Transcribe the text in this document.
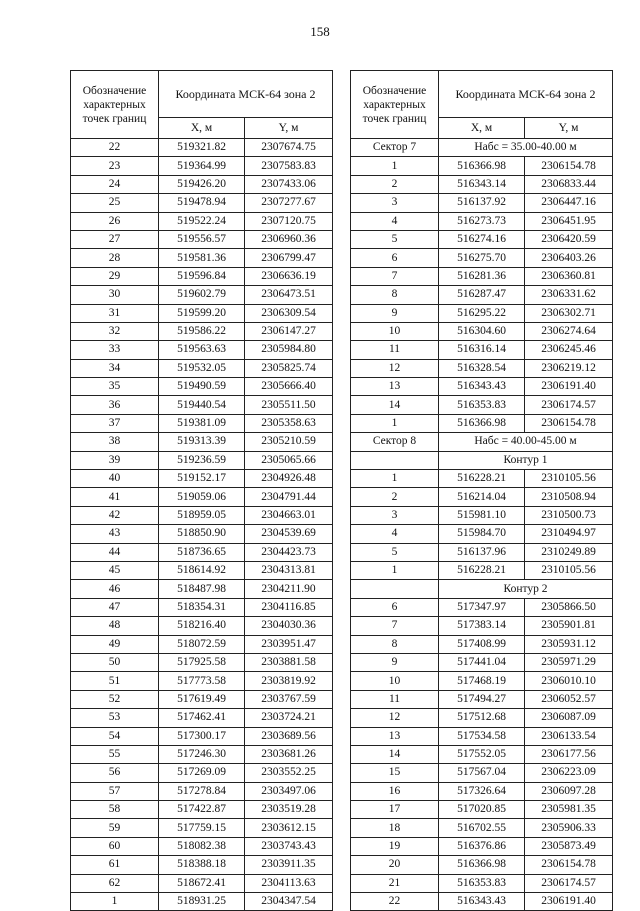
158
Обозначение характерных точек границ	Координата МСК-64 зона 2	
	X, м	Y, м
22	519321.82	2307674.75
23	519364.99	2307583.83
24	519426.20	2307433.06
25	519478.94	2307277.67
26	519522.24	2307120.75
27	519556.57	2306960.36
28	519581.36	2306799.47
29	519596.84	2306636.19
30	519602.79	2306473.51
31	519599.20	2306309.54
32	519586.22	2306147.27
33	519563.63	2305984.80
34	519532.05	2305825.74
35	519490.59	2305666.40
36	519440.54	2305511.50
37	519381.09	2305358.63
38	519313.39	2305210.59
39	519236.59	2305065.66
40	519152.17	2304926.48
41	519059.06	2304791.44
42	518959.05	2304663.01
43	518850.90	2304539.69
44	518736.65	2304423.73
45	518614.92	2304313.81
46	518487.98	2304211.90
47	518354.31	2304116.85
48	518216.40	2304030.36
49	518072.59	2303951.47
50	517925.58	2303881.58
51	517773.58	2303819.92
52	517619.49	2303767.59
53	517462.41	2303724.21
54	517300.17	2303689.56
55	517246.30	2303681.26
56	517269.09	2303552.25
57	517278.84	2303497.06
58	517422.87	2303519.28
59	517759.15	2303612.15
60	518082.38	2303743.43
61	518388.18	2303911.35
62	518672.41	2304113.63
1	518931.25	2304347.54
Обозначение характерных точек границ	Координата МСК-64 зона 2	
	X, м	Y, м
Сектор 7	Набс = 35.00-40.00 м	
1	516366.98	2306154.78
2	516343.14	2306833.44
3	516137.92	2306447.16
4	516273.73	2306451.95
5	516274.16	2306420.59
6	516275.70	2306403.26
7	516281.36	2306360.81
8	516287.47	2306331.62
9	516295.22	2306302.71
10	516304.60	2306274.64
11	516316.14	2306245.46
12	516328.54	2306219.12
13	516343.43	2306191.40
14	516353.83	2306174.57
1	516366.98	2306154.78
Сектор 8	Набс = 40.00-45.00 м	
	Контур 1	
1	516228.21	2310105.56
2	516214.04	2310508.94
3	515981.10	2310500.73
4	515984.70	2310494.97
5	516137.96	2310249.89
1	516228.21	2310105.56
	Контур 2	
6	517347.97	2305866.50
7	517383.14	2305901.81
8	517408.99	2305931.12
9	517441.04	2305971.29
10	517468.19	2306010.10
11	517494.27	2306052.57
12	517512.68	2306087.09
13	517534.58	2306133.54
14	517552.05	2306177.56
15	517567.04	2306223.09
16	517326.64	2306097.28
17	517020.85	2305981.35
18	516702.55	2305906.33
19	516376.86	2305873.49
20	516366.98	2306154.78
21	516353.83	2306174.57
22	516343.43	2306191.40
